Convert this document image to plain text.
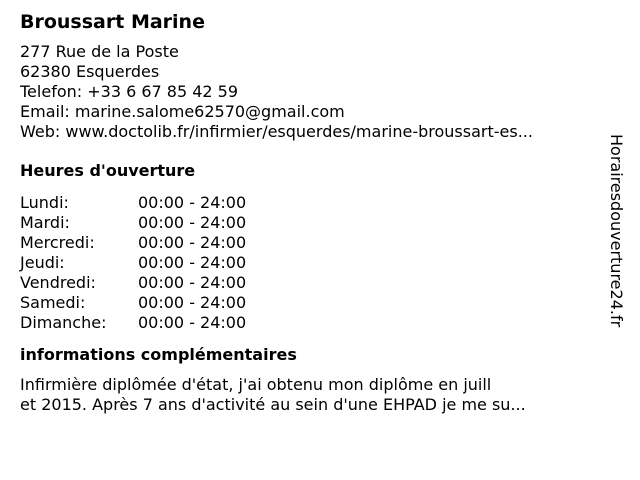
Broussart Marine
277 Rue de la Poste
62380 Esquerdes
Telefon: +33 6 67 85 42 59
Email: marine.salome62570@gmail.com
Web: www.doctolib.fr/infirmier/esquerdes/marine-broussart-es...
Heures d'ouverture
Lundi:	00:00 - 24:00
Mardi:	00:00 - 24:00
Mercredi:	00:00 - 24:00
Jeudi:	00:00 - 24:00
Vendredi:	00:00 - 24:00
Samedi:	00:00 - 24:00
Dimanche:	00:00 - 24:00
informations complémentaires
Infirmière diplômée d'état, j'ai obtenu mon diplôme en juill
et 2015. Après 7 ans d'activité au sein d'une EHPAD je me su...
Horairesdouverture24.fr
